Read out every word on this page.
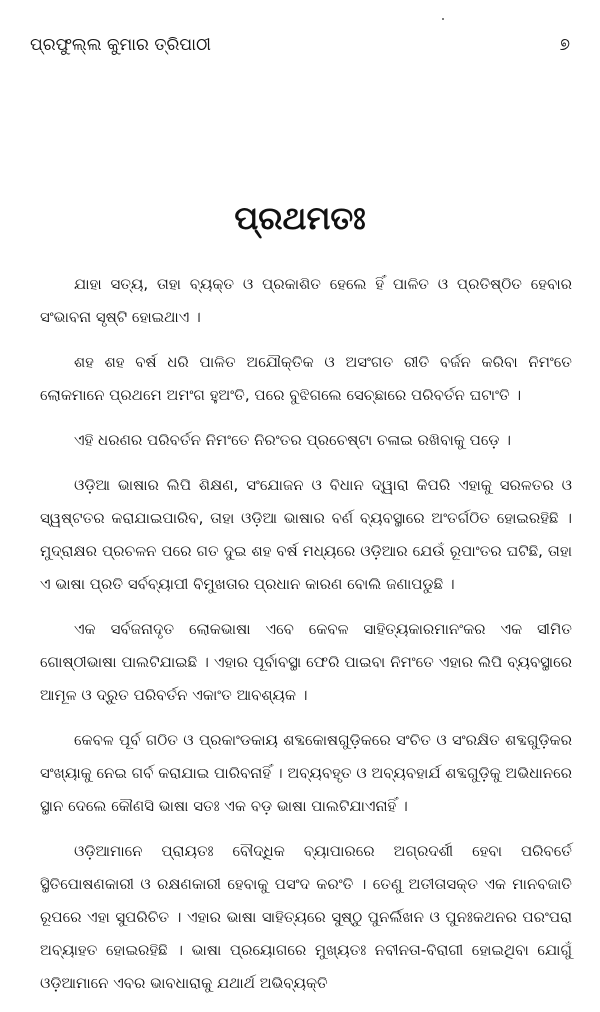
ପ୍ରଫୁଲ୍ଲ କୁମାର ତ୍ରିପାଠୀ	୭
ପ୍ରଥମତଃ

ଯାହା ସତ୍ୟ, ତାହା ବ୍ୟକ୍ତ ଓ ପ୍ରକାଶିତ ହେଲେ ହିଁ ପାଳିତ ଓ ପ୍ରତିଷ୍ଠିତ ହେବାର ସଂଭାବନା ସୃଷ୍ଟି ହୋଇଥାଏ ।

ଶହ ଶହ ବର୍ଷ ଧରି ପାଳିତ ଅଯୌକ୍ତିକ ଓ ଅସଂଗତ ରୀତି ବର୍ଜନ କରିବା ନିମଂତେ ଲୋକମାନେ ପ୍ରଥମେ ଅମଂଗ ହୁଅଂତି, ପରେ ବୁଝିଗଲେ ସେଚ୍ଛାରେ ପରିବର୍ତନ ଘଟାଂତି ।

ଏହି ଧରଣର ପରିବର୍ତନ ନିମଂତେ ନିରଂତର ପ୍ରଚେଷ୍ଟା ଚଳାଇ ରଖିବାକୁ ପଡ଼େ ।

ଓଡ଼ିଆ ଭାଷାର ଲିପି ଶିକ୍ଷଣ, ସଂଯୋଜନ ଓ ବିଧାନ ଦ୍ୱାରା କିପରି ଏହାକୁ ସରଳତର ଓ ସ୍ୱଷ୍ଟତର କରାଯାଇପାରିବ, ତାହା ଓଡ଼ିଆ ଭାଷାର ବର୍ଣ ବ୍ୟବସ୍ଥାରେ ଅଂତର୍ଗଠିତ ହୋଇରହିଛି । ମୁଦ୍ରାକ୍ଷର ପ୍ରଚଳନ ପରେ ଗତ ଦୁଇ ଶହ ବର୍ଷ ମଧ୍ୟରେ ଓଡ଼ିଆର ଯେଉଁ ରୂପାଂତର ଘଟିଛି, ତାହା ଏ ଭାଷା ପ୍ରତି ସର୍ବବ୍ୟାପୀ ବିମୁଖତାର ପ୍ରଧାନ କାରଣ ବୋଲି ଜଣାପଡୁଛି ।

ଏକ ସର୍ବଜନାଦୃତ ଲୋକଭାଷା ଏବେ କେବଳ ସାହିତ୍ୟକାରମାନଂକର ଏକ ସୀମିତ ଗୋଷ୍ଠୀଭାଷା ପାଲଟିଯାଇଛି । ଏହାର ପୂର୍ବାବସ୍ଥା ଫେରି ପାଇବା ନିମଂତେ ଏହାର ଲିପି ବ୍ୟବସ୍ଥାରେ ଆମୂଳ ଓ ଦ୍ରୁତ ପରିବର୍ତନ ଏକାଂତ ଆବଶ୍ୟକ ।

କେବଳ ପୂର୍ବ ଗଠିତ ଓ ପ୍ରକାଂଡକାୟ ଶବ୍ଦକୋଷଗୁଡ଼ିକରେ ସଂଚିତ ଓ ସଂରକ୍ଷିତ ଶବ୍ଦଗୁଡ଼ିକର ସଂଖ୍ୟାକୁ ନେଇ ଗର୍ବ କରାଯାଇ ପାରିବନାହିଁ । ଅବ୍ୟବହୃତ ଓ ଅବ୍ୟବହାର୍ଯ ଶବ୍ଦଗୁଡ଼ିକୁ ଅଭିଧାନରେ ସ୍ଥାନ ଦେଲେ କୌଣସି ଭାଷା ସତଃ ଏକ ବଡ଼ ଭାଷା ପାଲଟିଯାଏନାହିଁ ।

ଓଡ଼ିଆମାନେ ପ୍ରାୟତଃ ବୌଦ୍ଧିକ ବ୍ୟାପାରରେ ଅଗ୍ରଦର୍ଶୀ ହେବା ପରିବର୍ତେ ସ୍ଥିତିପୋଷଣକାରୀ ଓ ରକ୍ଷଣକାରୀ ହେବାକୁ ପସଂଦ କରଂତି । ତେଣୁ ଅତୀତାସକ୍ତ ଏକ ମାନବଜାତି ରୂପରେ ଏହା ସୁପରିଚିତ । ଏହାର ଭାଷା ସାହିତ୍ୟରେ ସୁଷ୍ଠୁ ପୁନର୍ଲିଖନ ଓ ପୁନଃକଥନର ପରଂପରା ଅବ୍ୟାହତ ହୋଇରହିଛି । ଭାଷା ପ୍ରୟୋଗରେ ମୁଖ୍ୟତଃ ନବୀନତା-ବିରାଗୀ ହୋଇଥିବା ଯୋଗୁଁ ଓଡ଼ିଆମାନେ ଏବର ଭାବଧାରାକୁ ଯଥାର୍ଥ ଅଭିବ୍ୟକ୍ତି
